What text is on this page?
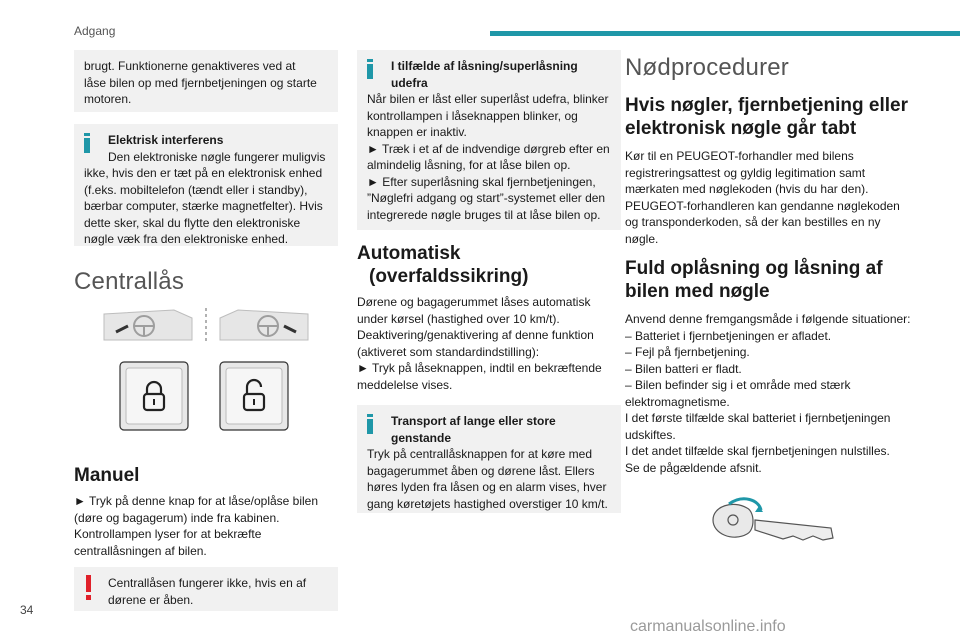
Adgang

brugt. Funktionerne genaktiveres ved at låse bilen op med fjernbetjeningen og starte motoren.

Elektrisk interferens

Den elektroniske nøgle fungerer muligvis

ikke, hvis den er tæt på en elektronisk enhed (f.eks. mobiltelefon (tændt eller i standby), bærbar computer, stærke magnetfelter). Hvis dette sker, skal du flytte den elektroniske nøgle væk fra den elektroniske enhed.

Centrallås
Manuel

► Tryk på denne knap for at låse/oplåse bilen (døre og bagagerum) inde fra kabinen. Kontrollampen lyser for at bekræfte centrallåsningen af bilen.

Centrallåsen fungerer ikke, hvis en af

dørene er åben.

I tilfælde af låsning/superlåsning

udefra

Når bilen er låst eller superlåst udefra, blinker kontrollampen i låseknappen blinker, og knappen er inaktiv.
► Træk i et af de indvendige dørgreb efter en almindelig låsning, for at låse bilen op.
► Efter superlåsning skal fjernbetjeningen, ”Nøglefri adgang og start”-systemet eller den integrerede nøgle bruges til at låse bilen op.

Automatisk
(overfaldssikring)

Dørene og bagagerummet låses automatisk under kørsel (hastighed over 10 km/t).
Deaktivering/genaktivering af denne funktion (aktiveret som standardindstilling):
► Tryk på låseknappen, indtil en bekræftende meddelelse vises.

Transport af lange eller store

genstande

Tryk på centrallåsknappen for at køre med bagagerummet åben og dørene låst. Ellers høres lyden fra låsen og en alarm vises, hver gang køretøjets hastighed overstiger 10 km/t.

Nødprocedurer
Hvis nøgler, fjernbetjening eller elektronisk nøgle går tabt

Kør til en PEUGEOT-forhandler med bilens registreringsattest og gyldig legitimation samt mærkaten med nøglekoden (hvis du har den).
PEUGEOT-forhandleren kan gendanne nøglekoden og transponderkoden, så der kan bestilles en ny nøgle.

Fuld oplåsning og låsning af bilen med nøgle

Anvend denne fremgangsmåde i følgende situationer:
– Batteriet i fjernbetjeningen er afladet.
– Fejl på fjernbetjening.
– Bilen batteri er fladt.
– Bilen befinder sig i et område med stærk elektromagnetisme.
I det første tilfælde skal batteriet i fjernbetjeningen udskiftes.
I det andet tilfælde skal fjernbetjeningen nulstilles.
Se de pågældende afsnit.

34
carmanualsonline.info
